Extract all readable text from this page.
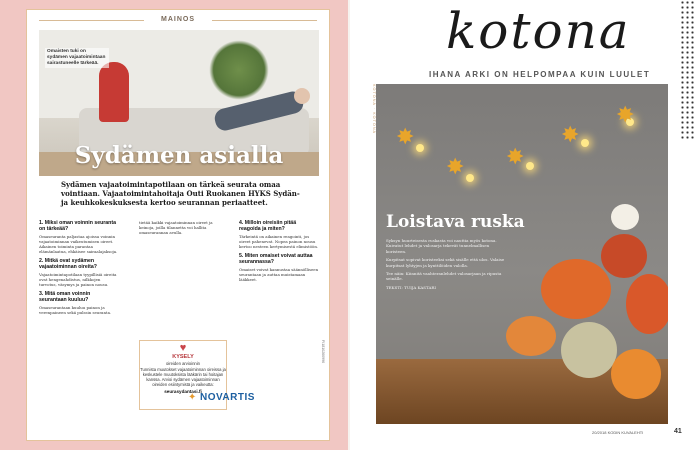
MAINOS
Omaisten tuki on sydämen vajaatoimintaan sairastuneelle tärkeää.
Sydämen asialla
Sydämen vajaatoimintapotilaan on tärkeä seurata omaa vointiaan. Vajaatoimintahoitaja Outi Ruokanen HYKS Sydän- ja keuhkokeskuksesta kertoo seurannan periaatteet.
1. Miksi oman voinnin seuranta on tärkeää?

Omaseuranta paljastaa ajoissa voinnin vajaatoiminnan vaikeutumisen oireet. Aikainen toiminta parantaa elämänlaatua, ehkäisee sairaalajaksoja.

2. Mitkä ovat sydämen vajaatoiminnan oireita?

Vajaatoimintapotilaan tyypillisiä oireita ovat hengenahdistus, nilkkojen turvotus, väsymys ja painon nousu.

3. Mitä oman voinnin seurantaan kuuluu?

Omaseurantaan kuuluu painon ja verenpaineen sekä pulssin seuranta.

tietää kaikki vajaatoiminnan oireet ja keinoja, joilla tilannetta voi hallita omaseurannan avulla.

4. Milloin oireisiin pitää reagoida ja miten?

Tärkeintä on aikainen reagointi, jos oireet pahenevat. Nopea painon nousu kertoo nesteen kertymisestä elimistöön.

5. Miten omaiset voivat auttaa seurannassa?

Omaiset voivat kannustaa säännölliseen seurantaan ja auttaa muistamaan lääkkeet.

♥
KYSELY
oireiden arvioinnin
Tunnista muutokset vajaatoiminnan oireissa ja keskustele muutoksista lääkärin tai hoitajan kanssa. Arvioi sydämen vajaatoiminnan oireiden esiintymistä ja vaikeutta:
seurasydantasi.fi
FI1810260996
✦ NOVARTIS
kotona
IHANA ARKI ON HELPOMPAA KUIN LUULET
KOTONA · KOTONA
✸
✸ ✸
✸
✸
Loistava ruska

Syksyn huurteisesta ruskasta voi nauttia myös kotona. Kuivatut lehdet ja valosarja tekevät tunnelmallisen koristeen.

Kurpitsat sopivat koristeeksi sekä sisälle että ulos. Valaise kurpitsat lyhtyjen ja kynttilöiden valolla.

Tee näin: Kiinnitä vaahteranlehdet valosarjaan ja ripusta seinälle.

TEKSTI: TUIJA KASTARI

20/2018 KODIN KUVALEHTI	41
